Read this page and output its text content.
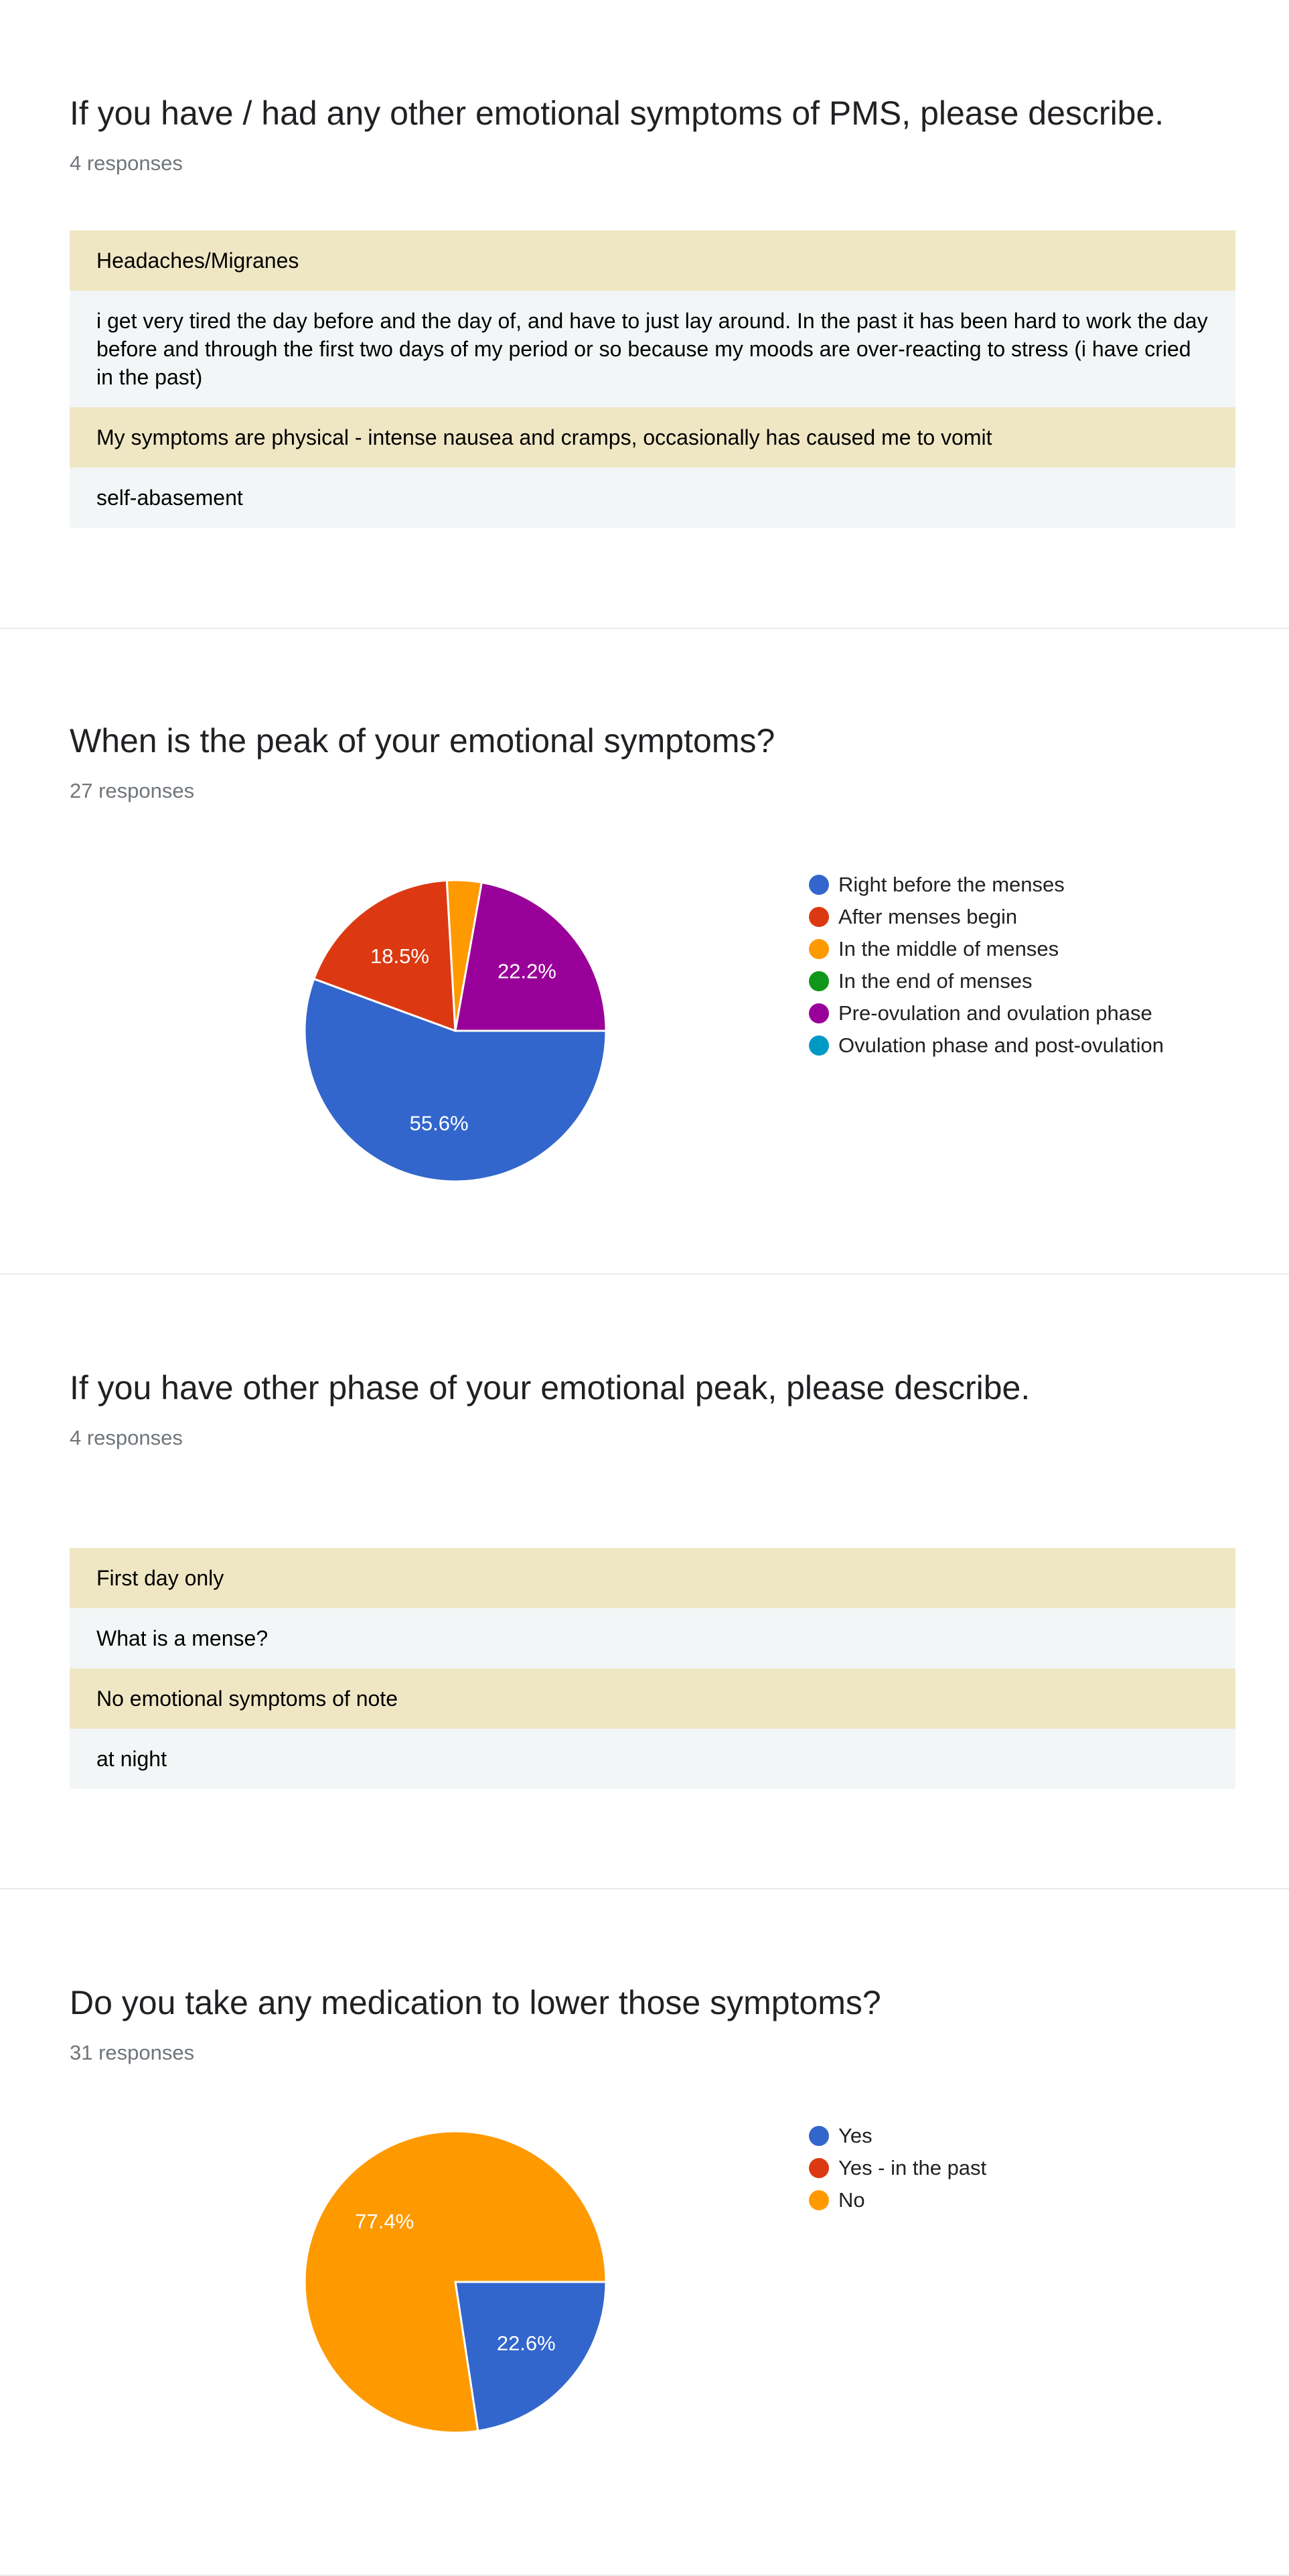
If you have / had any other emotional symptoms of PMS, please describe.
4 responses
Headaches/Migranes
i get very tired the day before and the day of, and have to just lay around. In the past it has been hard to work the day before and through the first two days of my period or so because my moods are over-reacting to stress (i have cried in the past)
My symptoms are physical - intense nausea and cramps, occasionally has caused me to vomit
self-abasement
When is the peak of your emotional symptoms?
27 responses
55.6%
18.5%
22.2%
Right before the menses
After menses begin
In the middle of menses
In the end of menses
Pre-ovulation and ovulation phase
Ovulation phase and post-ovulation
If you have other phase of your emotional peak, please describe.
4 responses
First day only
What is a mense?
No emotional symptoms of note
at night
Do you take any medication to lower those symptoms?
31 responses
22.6%
77.4%
Yes
Yes - in the past
No
